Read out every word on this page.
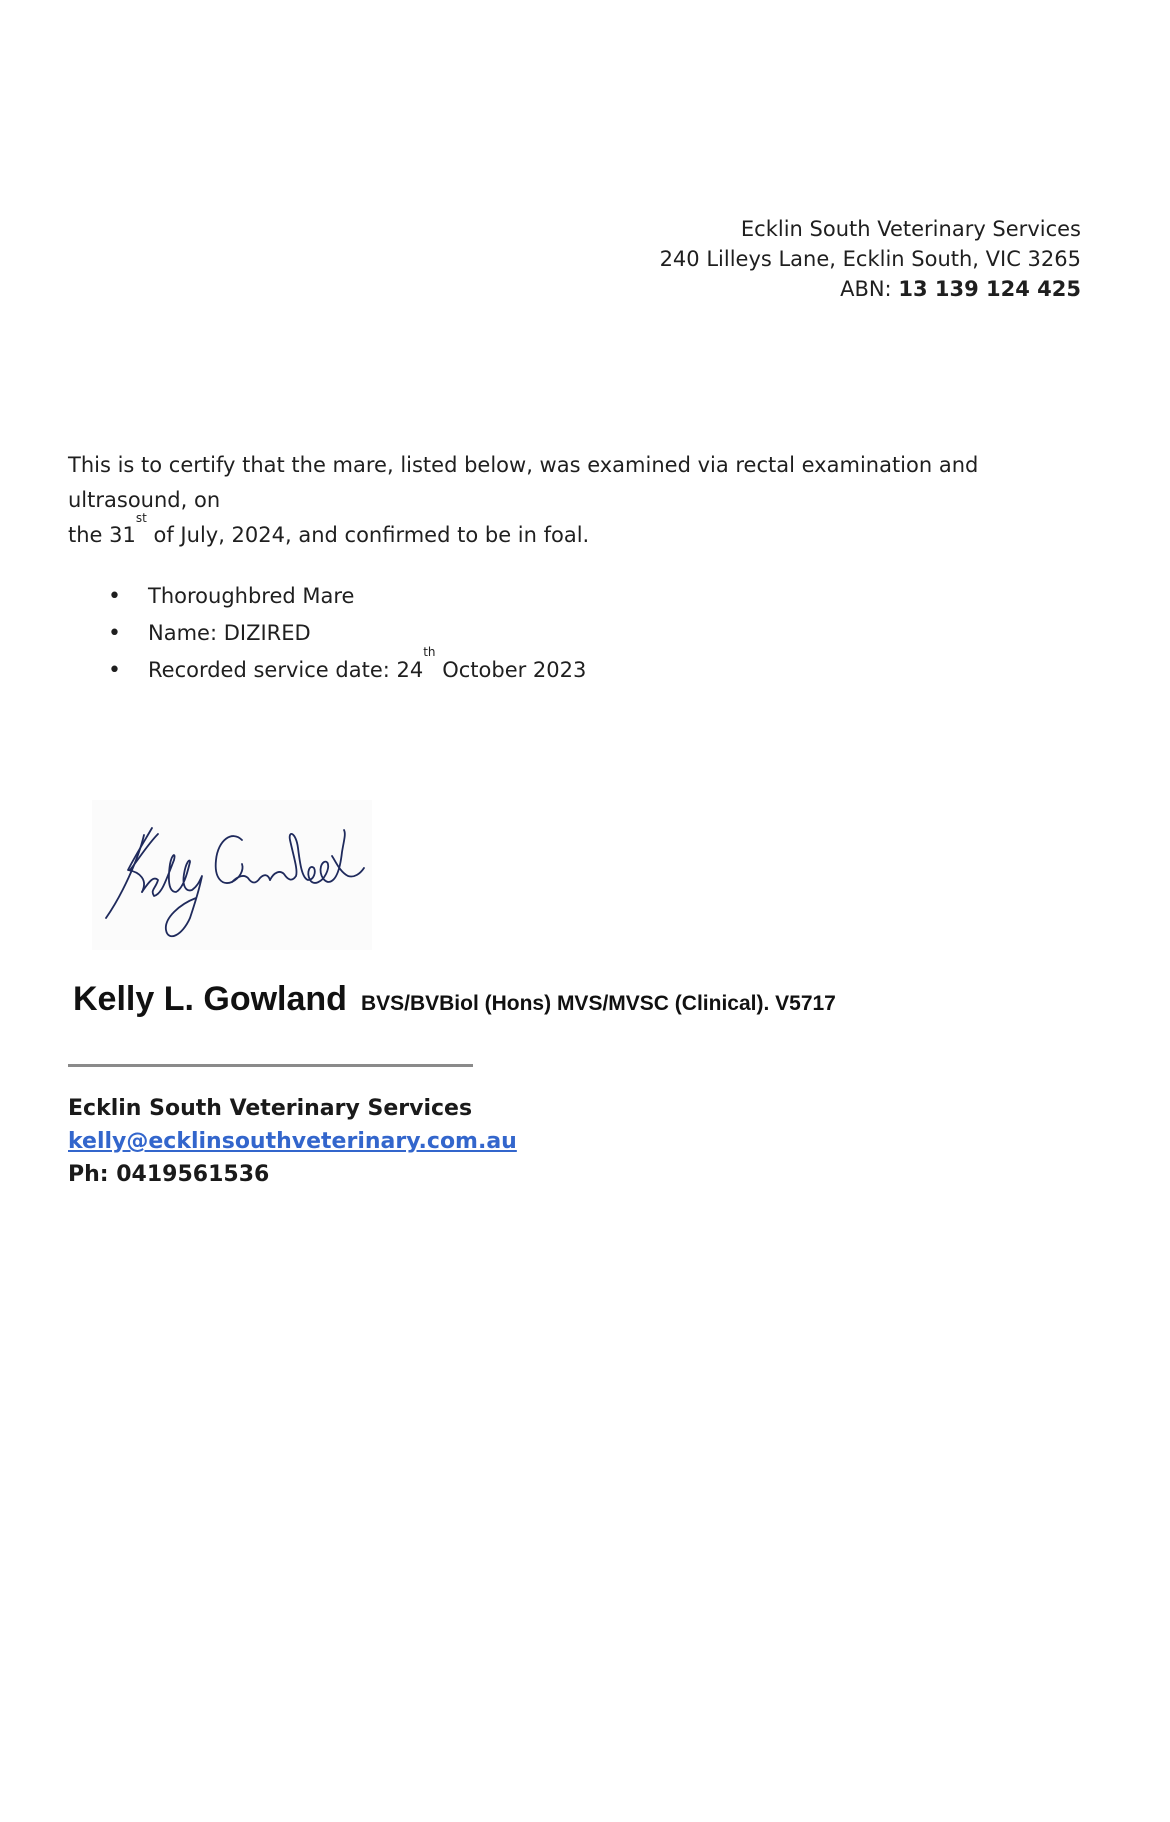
Ecklin South Veterinary Services
240 Lilleys Lane, Ecklin South, VIC 3265
ABN: 13 139 124 425
This is to certify that the mare, listed below, was examined via rectal examination and ultrasound, on
the 31st of July, 2024, and confirmed to be in foal.
• Thoroughbred Mare
• Name: DIZIRED
• Recorded service date: 24th October 2023
Kelly L. Gowland BVS/BVBiol (Hons) MVS/MVSC (Clinical). V5717
Ecklin South Veterinary Services
kelly@ecklinsouthveterinary.com.au
Ph: 0419561536
